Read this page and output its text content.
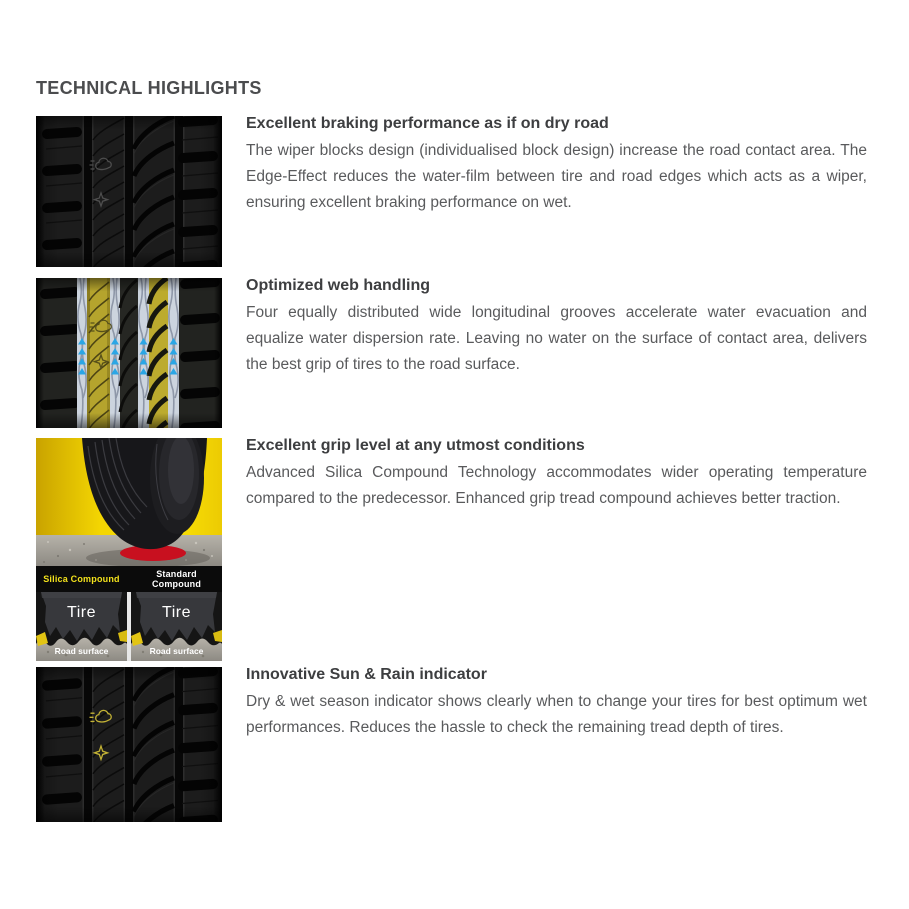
TECHNICAL HIGHLIGHTS
Excellent braking performance as if on dry road

The wiper blocks design (individualised block design) increase the road contact area. The Edge-Effect reduces the water-film between tire and road edges which acts as a wiper, ensuring excellent braking performance on wet.

Optimized web handling

Four equally distributed wide longitudinal grooves accelerate water evacuation and equalize water dispersion rate. Leaving no water on the surface of contact area, delivers the best grip of tires to the road surface.

Silica Compound	Standard Compound
Tire	Tire
Road surface	Road surface
Excellent grip level at any utmost conditions

Advanced Silica Compound Technology accommodates wider operating temperature compared to the predecessor. Enhanced grip tread compound achieves better traction.

Innovative Sun & Rain indicator

Dry & wet season indicator shows clearly when to change your tires for best optimum wet performances. Reduces the hassle to check the remaining tread depth of tires.
